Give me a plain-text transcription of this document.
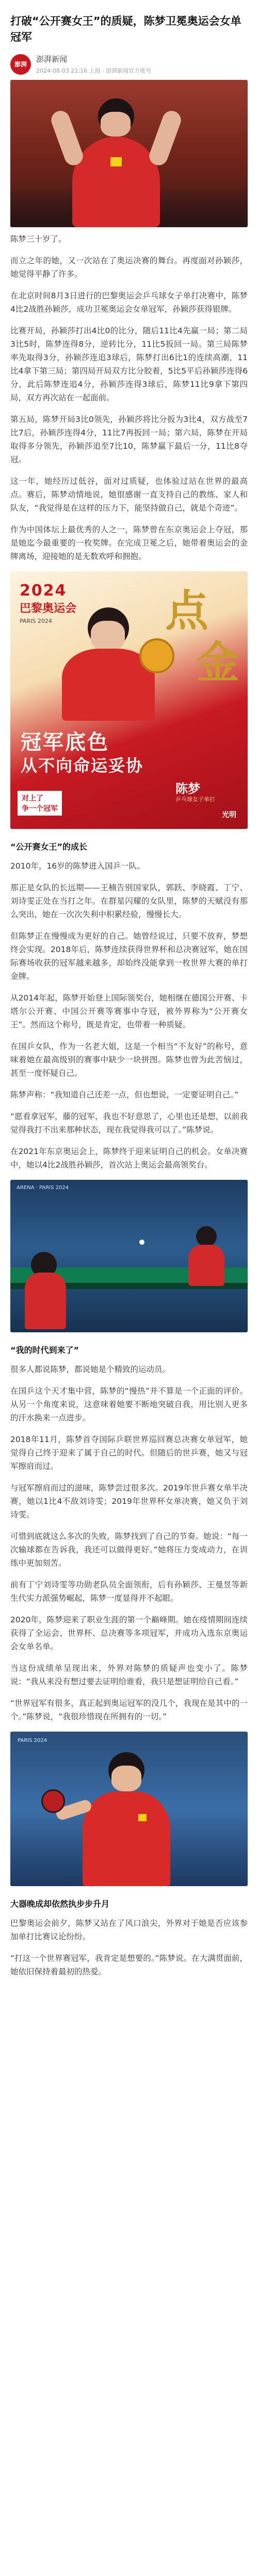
打破“公开赛女王”的质疑，陈梦卫冕奥运会女单冠军
澎湃
澎湃新闻
2024-08-03 21:16 上海 · 澎湃新闻官方账号

陈梦三十岁了。

而立之年的她，又一次站在了奥运决赛的舞台。再度面对孙颖莎，她觉得平静了许多。

在北京时间8月3日进行的巴黎奥运会乒乓球女子单打决赛中，陈梦4比2战胜孙颖莎，成功卫冕奥运会女单冠军，孙颖莎获得银牌。

比赛开局，孙颖莎打出4比0的比分，随后11比4先赢一局；第二局3比5时，陈梦连得8分，逆转比分，11比5扳回一局。第三局陈梦率先取得3分，孙颖莎连追3球后，陈梦打出6比1的连续高潮，11比4拿下第三局；第四局开局双方比分胶着，5比5平后孙颖莎连得6分，此后陈梦连追4分，孙颖莎连得3球后，陈梦11比9拿下第四局，双方再次站在一起面前。

第五局，陈梦开局3比0领先，孙颖莎将比分扳为3比4，双方战至7比7后，孙颖莎连得4分，11比7再扳回一局；第六局，陈梦在开局取得多分领先，孙颖莎追至7比10，陈梦赢下最后一分，11比8夺冠。

这一年，她经历过低谷，面对过质疑，也体验过站在世界的最高点。赛后，陈梦动情地说，她很感谢一直支持自己的教练、家人和队友，“我觉得是在这样的压力下，能坚持做自己，就是个奇迹”。

作为中国体坛上最优秀的人之一，陈梦曾在东京奥运会上夺冠，那是她迄今最重要的一枚奖牌。在完成卫冕之后，她带着奥运会的金牌离场，迎接她的是无数欢呼和拥抱。

2024
巴黎奥运会
PARIS 2024	点
金
冠军底色
从不向命运妥协
陈梦
乒乓球女子单打
对上了
争一个冠军
光明
“公开赛女王”的成长

2010年，16岁的陈梦进入国乒一队。

那正是女队的长远期——王楠告别国家队，郭跃、李晓霞、丁宁、刘诗雯正处在当打之年。在群星闪耀的女队里，陈梦的天赋没有那么突出，她在一次次失利中积累经验，慢慢长大。

但陈梦正在慢慢成为更好的自己。她曾经说过，只要不放弃，梦想终会实现。2018年后，陈梦连续获得世界杯和总决赛冠军，她在国际赛场收获的冠军越来越多，却始终没能拿到一枚世界大赛的单打金牌。

从2014年起，陈梦开始登上国际领奖台，她相继在德国公开赛、卡塔尔公开赛、中国公开赛等赛事中夺冠，被外界称为“公开赛女王”。然而这个称号，既是肯定，也带着一种质疑。

在国乒女队，作为一名老大姐，这是一个相当“不友好”的称号，意味着她在最高级别的赛事中缺少一块拼图。陈梦也曾为此苦恼过，甚至一度怀疑自己。

陈梦声称：“我知道自己还差一点，但也想说，一定要证明自己。”

“愿看拿冠军，藤的冠军，我也不好意思了，心里也还是想，以前我觉得我打不出来那种状态，现在我觉得我可以了。”陈梦说。

在2021年东京奥运会上，陈梦终于迎来证明自己的机会。女单决赛中，她以4比2战胜孙颖莎，首次站上奥运会最高领奖台。

ARENA · PARIS 2024
“我的时代到来了”

很多人都说陈梦，都说她是个精致的运动员。

在国乒这个天才集中营，陈梦的“慢热”并不算是一个正面的评价。从另一个角度来说，这意味着她要不断地突破自我，用比别人更多的汗水换来一点进步。

2018年11月，陈梦首夺国际乒联世界巡回赛总决赛女单冠军，她觉得自己终于迎来了属于自己的时代。但随后的世乒赛，她又与冠军擦肩而过。

与冠军擦肩而过的滋味，陈梦尝过很多次。2019年世乒赛女单半决赛，她以1比4不敌刘诗雯；2019年世界杯女单决赛，她又负于刘诗雯。

可惜到底就这么多次的失败，陈梦找到了自己的节奏。她说：“每一次输球都在告诉我，我还可以做得更好。”她将压力变成动力，在训练中更加刻苦。

前有丁宁刘诗雯等功勋老队员全面领衔，后有孙颖莎、王曼昱等新生代实力派强势崛起，陈梦一度显得并不起眼。

2020年，陈梦迎来了职业生涯的第一个巅峰期。她在疫情期间连续获得了全运会、世界杯、总决赛等多项冠军，并成功入选东京奥运会女单名单。

当这份成绩单呈现出来，外界对陈梦的质疑声也变小了。陈梦说：“我从来没有想过要去证明给谁看，我只是想证明给自己看。”

“世界冠军有很多，真正起到奥运冠军的没几个，我现在是其中的一个。”陈梦说，“我很珍惜现在所拥有的一切。”

PARIS 2024
大器晚成却依然执步步升月

巴黎奥运会前夕，陈梦又站在了风口浪尖，外界对于她是否应该参加单打比赛议论纷纷。

“打这一个世界赛冠军，我肯定是想要的。”陈梦说。在大满贯面前，她依旧保持着最初的热爱。
